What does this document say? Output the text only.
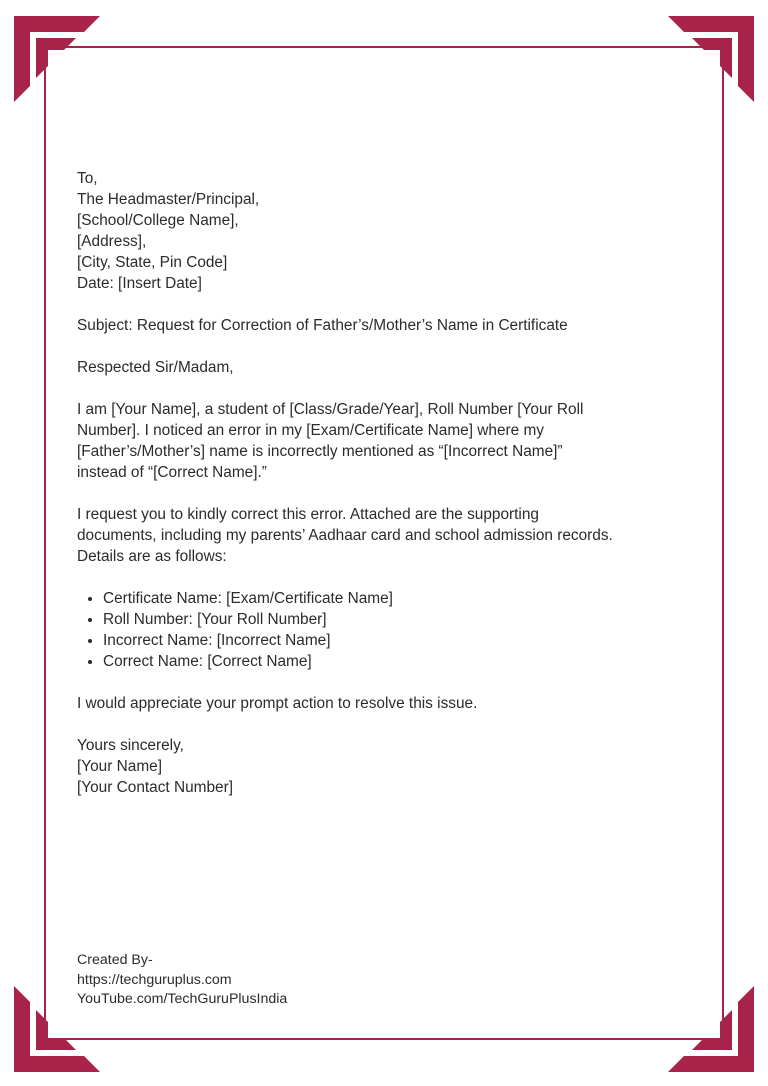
To,
The Headmaster/Principal,
[School/College Name],
[Address],
[City, State, Pin Code]
Date: [Insert Date]
Subject: Request for Correction of Father’s/Mother’s Name in Certificate
Respected Sir/Madam,
I am [Your Name], a student of [Class/Grade/Year], Roll Number [Your Roll
Number]. I noticed an error in my [Exam/Certificate Name] where my
[Father’s/Mother’s] name is incorrectly mentioned as “[Incorrect Name]”
instead of “[Correct Name].”
I request you to kindly correct this error. Attached are the supporting
documents, including my parents’ Aadhaar card and school admission records.
Details are as follows:
• Certificate Name: [Exam/Certificate Name]
• Roll Number: [Your Roll Number]
• Incorrect Name: [Incorrect Name]
• Correct Name: [Correct Name]
I would appreciate your prompt action to resolve this issue.
Yours sincerely,
[Your Name]
[Your Contact Number]
Created By-
https://techguruplus.com
YouTube.com/TechGuruPlusIndia
